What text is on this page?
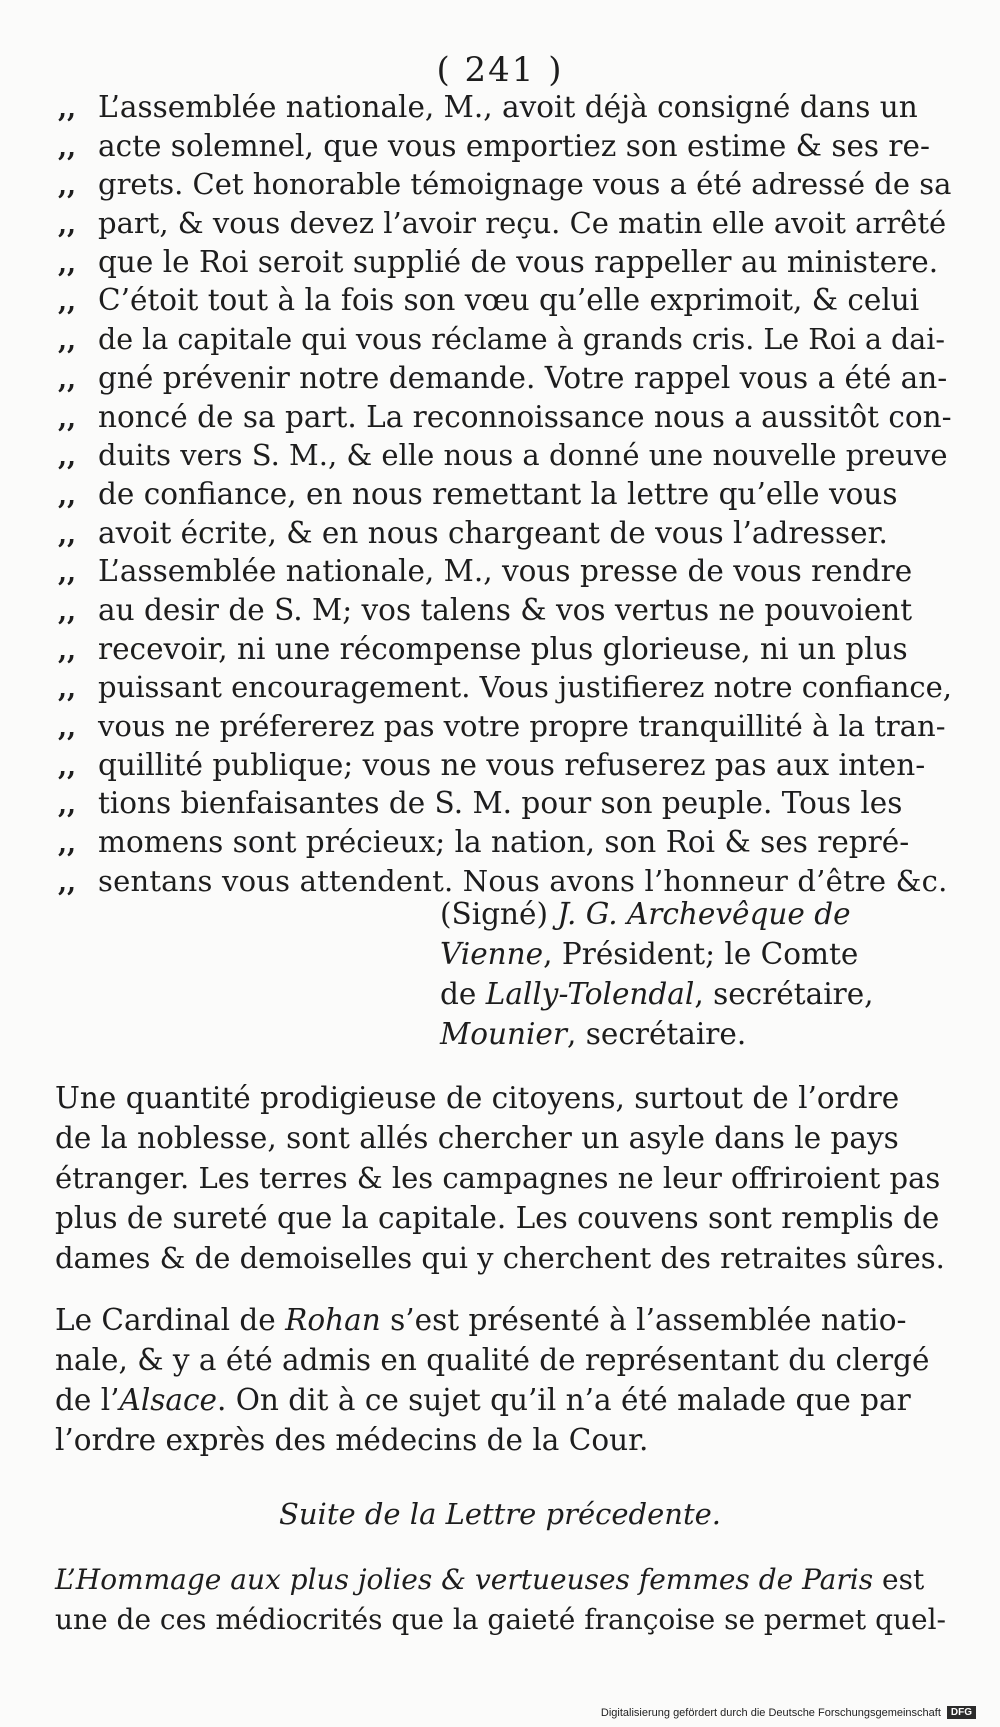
( 241 )
,, L’assemblée nationale, M., avoit déjà consigné dans un
,, acte solemnel, que vous emportiez son estime & ses re-
,, grets. Cet honorable témoignage vous a été adressé de sa
,, part, & vous devez l’avoir reçu. Ce matin elle avoit arrêté
,, que le Roi seroit supplié de vous rappeller au ministere.
,, C’étoit tout à la fois son vœu qu’elle exprimoit, & celui
,, de la capitale qui vous réclame à grands cris. Le Roi a dai-
,, gné prévenir notre demande. Votre rappel vous a été an-
,, noncé de sa part. La reconnoissance nous a aussitôt con-
,, duits vers S. M., & elle nous a donné une nouvelle preuve
,, de confiance, en nous remettant la lettre qu’elle vous
,, avoit écrite, & en nous chargeant de vous l’adresser.
,, L’assemblée nationale, M., vous presse de vous rendre
,, au desir de S. M; vos talens & vos vertus ne pouvoient
,, recevoir, ni une récompense plus glorieuse, ni un plus
,, puissant encouragement. Vous justifierez notre confiance,
,, vous ne préfererez pas votre propre tranquillité à la tran-
,, quillité publique; vous ne vous refuserez pas aux inten-
,, tions bienfaisantes de S. M. pour son peuple. Tous les
,, momens sont précieux; la nation, son Roi & ses repré-
,, sentans vous attendent. Nous avons l’honneur d’être &c.
(Signé) J. G. Archevêque de
Vienne, Président; le Comte
de Lally-Tolendal, secrétaire,
Mounier, secrétaire.
Une quantité prodigieuse de citoyens, surtout de l’ordre
de la noblesse, sont allés chercher un asyle dans le pays
étranger. Les terres & les campagnes ne leur offriroient pas
plus de sureté que la capitale. Les couvens sont remplis de
dames & de demoiselles qui y cherchent des retraites sûres.
Le Cardinal de Rohan s’est présenté à l’assemblée natio-
nale, & y a été admis en qualité de représentant du clergé
de l’Alsace. On dit à ce sujet qu’il n’a été malade que par
l’ordre exprès des médecins de la Cour.
Suite de la Lettre précedente.
L’Hommage aux plus jolies & vertueuses femmes de Paris est
une de ces médiocrités que la gaieté françoise se permet quel-
Digitalisierung gefördert durch die Deutsche Forschungsgemeinschaft	DFG
